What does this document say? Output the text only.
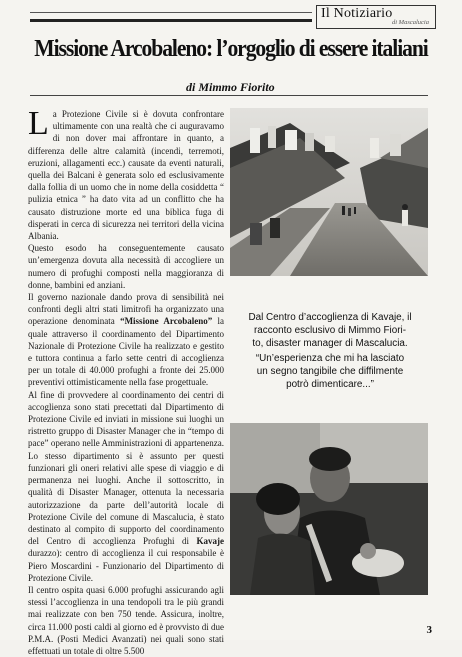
Il Notiziario
di Mascalucia
Missione Arcobaleno: l’orgoglio di essere italiani
di Mimmo Fiorito

La Protezione Civile si è dovuta confrontare ultimamente con una realtà che ci auguravamo di non dover mai affrontare in quanto, a differenza delle altre calamità (incendi, terremoti, eruzioni, allagamenti ecc.) causate da eventi naturali, quella dei Balcani è generata solo ed esclusivamente dalla follia di un uomo che in nome della cosiddetta “ pulizia etnica ” ha dato vita ad un conflitto che ha causato distruzione morte ed una biblica fuga di disperati in cerca di sicurezza nei territori della vicina Albania.

Questo esodo ha conseguentemente causato un’emergenza dovuta alla necessità di accogliere un numero di profughi composti nella maggioranza di donne, bambini ed anziani.

Il governo nazionale dando prova di sensibilità nei confronti degli altri stati limitrofi ha organizzato una operazione denominata “Missione Arcobaleno” la quale attraverso il coordinamento del Dipartimento Nazionale di Protezione Civile ha realizzato e gestito e tuttora continua a farlo sette centri di accoglienza per un totale di 40.000 profughi a fronte dei 25.000 preventivi ottimisticamente nella fase progettuale.

Al fine di provvedere al coordinamento dei centri di accoglienza sono stati precettati dal Dipartimento di Protezione Civile ed inviati in missione sui luoghi un ristretto gruppo di Disaster Manager che in “tempo di pace” operano nelle Amministrazioni di appartenenza. Lo stesso dipartimento si è assunto per questi funzionari gli oneri relativi alle spese di viaggio e di permanenza nei luoghi. Anche il sottoscritto, in qualità di Disaster Manager, ottenuta la necessaria autorizzazione da parte dell’autorità locale di Protezione Civile del comune di Mascalucia, è stato destinato al compito di supporto del coordinamento del Centro di accoglienza Profughi di Kavaje durazzo): centro di accoglienza il cui responsabile è Piero Moscardini - Funzionario del Dipartimento di Protezione Civile.

Il centro ospita quasi 6.000 profughi assicurando agli stessi l’accoglienza in una tendopoli tra le più grandi mai realizzate con ben 750 tende. Assicura, inoltre, circa 11.000 posti caldi al giorno ed è provvisto di due P.M.A. (Posti Medici Avanzati) nei quali sono stati effettuati un totale di oltre 5.500

Dal Centro d’accoglienza di Kavaje, il
racconto esclusivo di Mimmo Fiori-
to, disaster manager di Mascalucia.
“Un’esperienza che mi ha lasciato
un segno tangibile che diffilmente
potrò dimenticare...”
3
